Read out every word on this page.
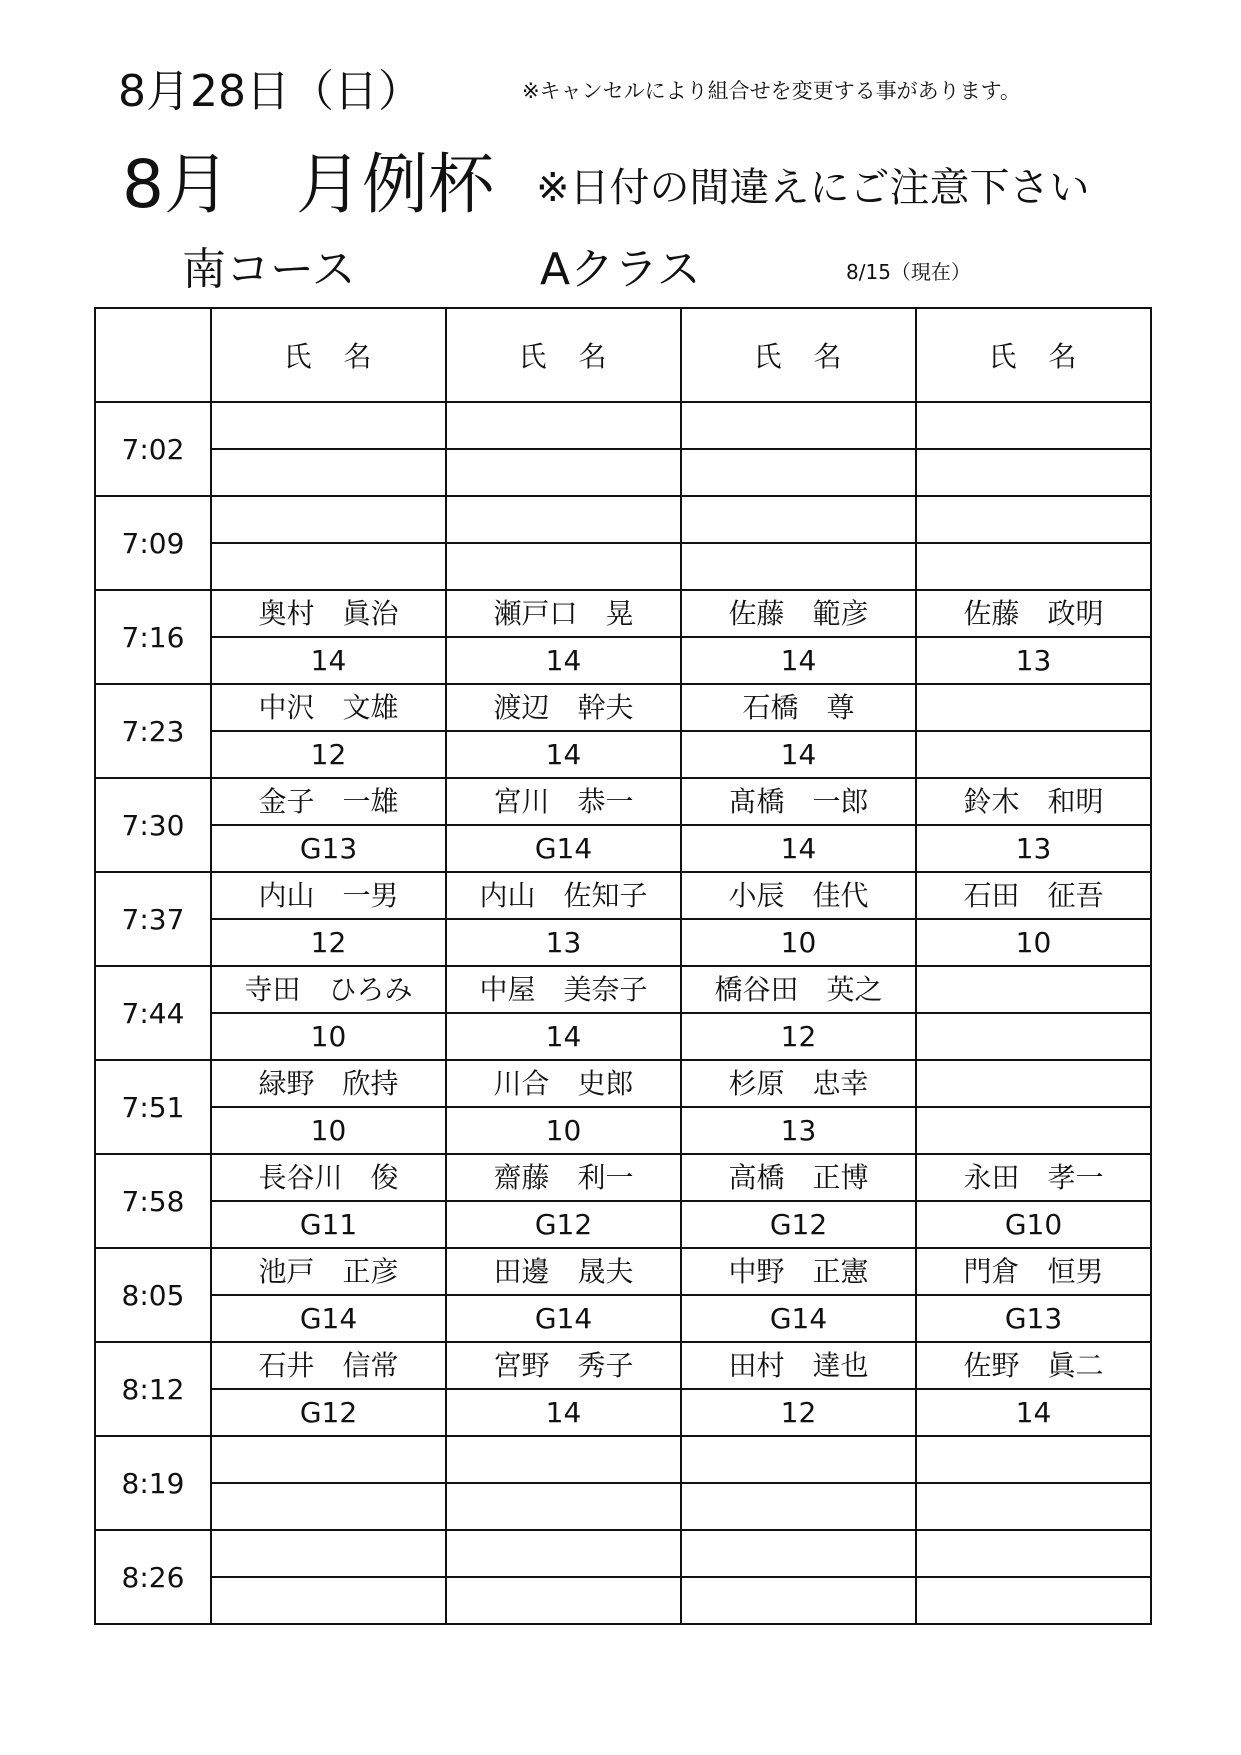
8月28日（日）	※キャンセルにより組合せを変更する事があります。
8月　月例杯 ※日付の間違えにご注意下さい
南コース	Aクラス	8/15（現在）
	氏　名	氏　名	氏　名	氏　名
7:02				

7:09				

7:16	奥村　眞治	瀬戸口　晃	佐藤　範彦	佐藤　政明
	14	14	14	13
7:23	中沢　文雄	渡辺　幹夫	石橋　尊	
	12	14	14	
7:30	金子　一雄	宮川　恭一	髙橋　一郎	鈴木　和明
	G13	G14	14	13
7:37	内山　一男	内山　佐知子	小辰　佳代	石田　征吾
	12	13	10	10
7:44	寺田　ひろみ	中屋　美奈子	橋谷田　英之	
	10	14	12	
7:51	緑野　欣持	川合　史郎	杉原　忠幸	
	10	10	13	
7:58	長谷川　俊	齋藤　利一	高橋　正博	永田　孝一
	G11	G12	G12	G10
8:05	池戸　正彦	田邊　晟夫	中野　正憲	門倉　恒男
	G14	G14	G14	G13
8:12	石井　信常	宮野　秀子	田村　達也	佐野　眞二
	G12	14	12	14
8:19				

8:26				
